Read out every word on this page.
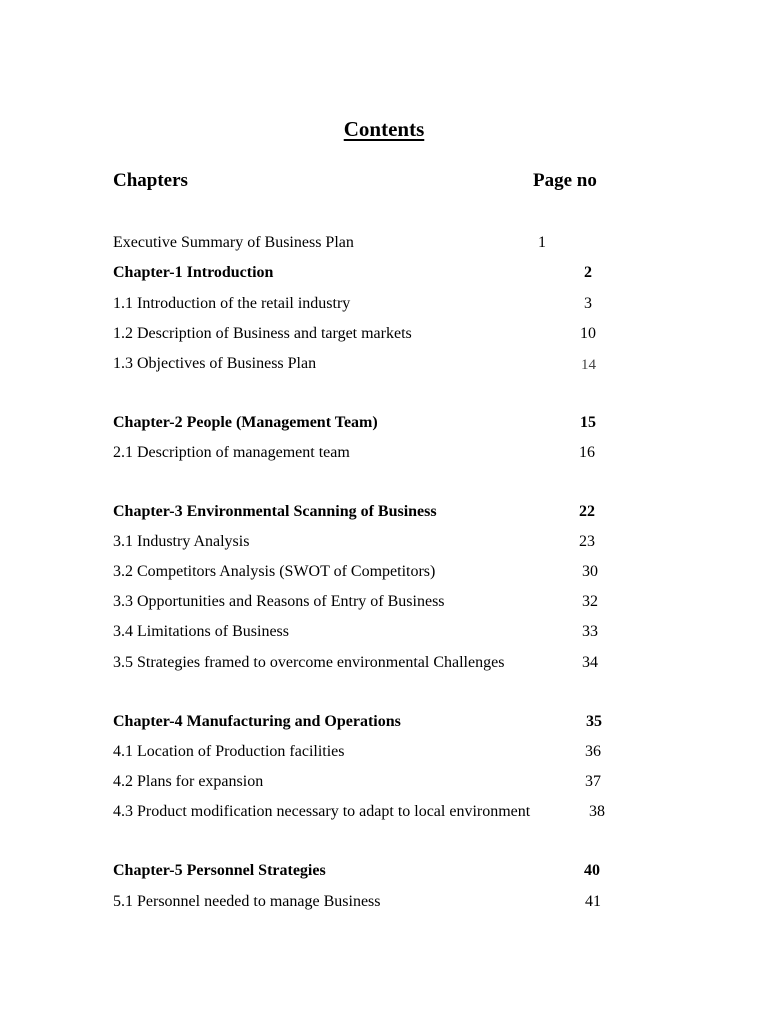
Contents
Chapters	Page no
Executive Summary of Business Plan	1
Chapter-1 Introduction	2
1.1 Introduction of the retail industry	3
1.2 Description of Business and target markets	10
1.3 Objectives of Business Plan	14
Chapter-2 People (Management Team)	15
2.1 Description of management team	16
Chapter-3 Environmental Scanning of Business	22
3.1 Industry Analysis	23
3.2 Competitors Analysis (SWOT of Competitors)	30
3.3 Opportunities and Reasons of Entry of Business	32
3.4 Limitations of Business	33
3.5 Strategies framed to overcome environmental Challenges	34
Chapter-4 Manufacturing and Operations	35
4.1 Location of Production facilities	36
4.2 Plans for expansion	37
4.3 Product modification necessary to adapt to local environment	38
Chapter-5 Personnel Strategies	40
5.1 Personnel needed to manage Business	41
